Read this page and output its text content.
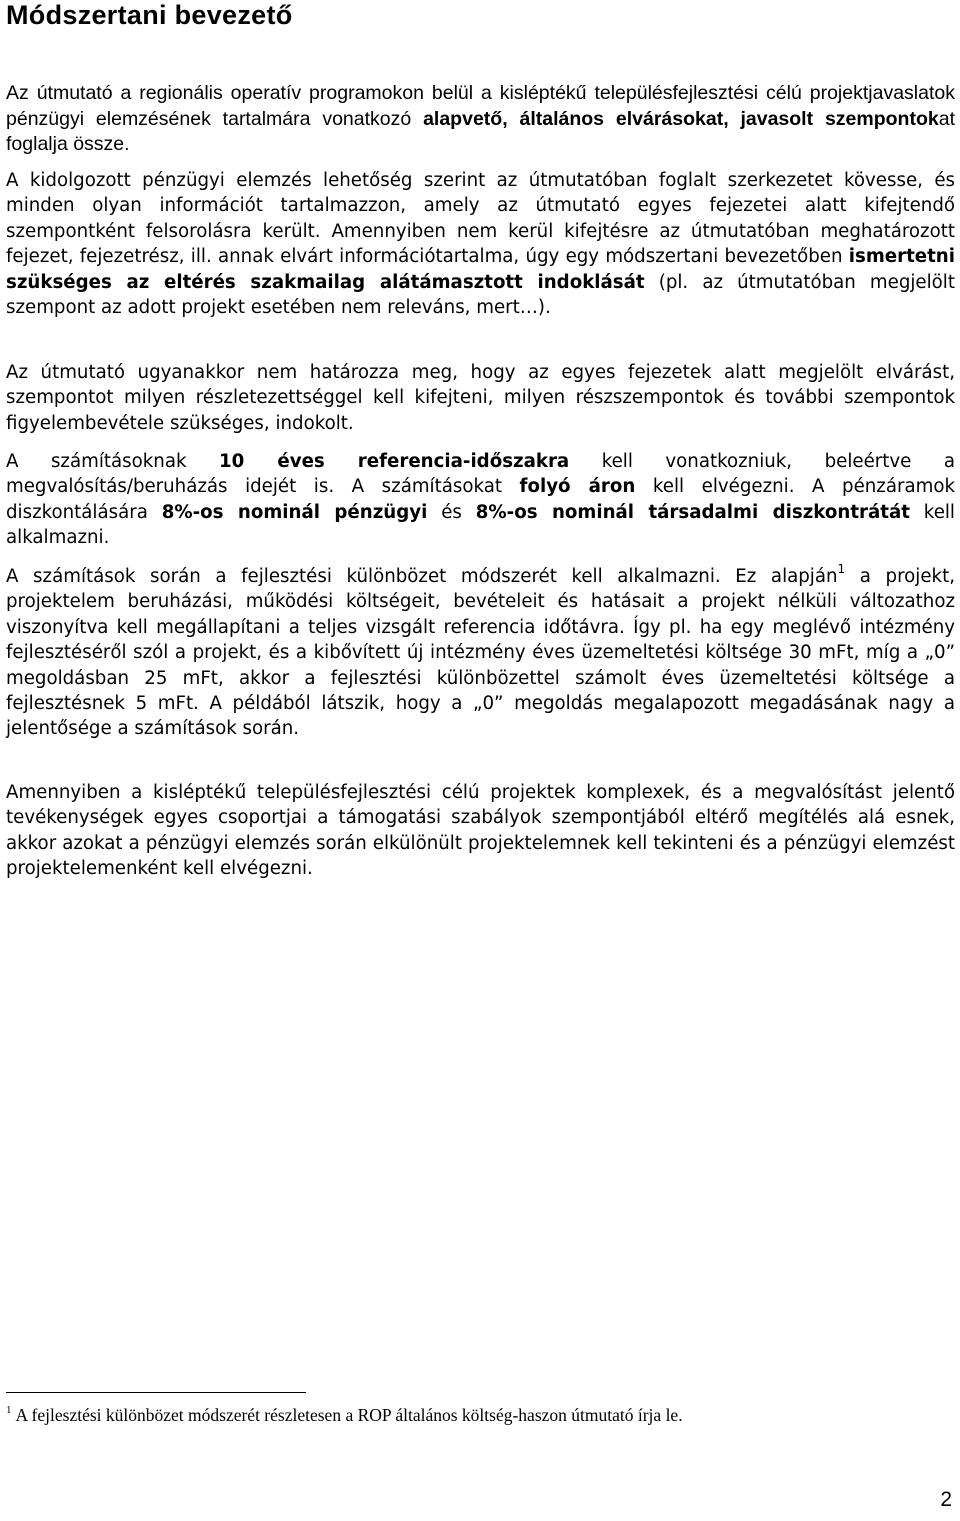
Módszertani bevezető

Az útmutató a regionális operatív programokon belül a kisléptékű településfejlesztési célú projektjavaslatok pénzügyi elemzésének tartalmára vonatkozó alapvető, általános elvárásokat, javasolt szempontokat foglalja össze.

A kidolgozott pénzügyi elemzés lehetőség szerint az útmutatóban foglalt szerkezetet kövesse, és minden olyan információt tartalmazzon, amely az útmutató egyes fejezetei alatt kifejtendő szempontként felsorolásra került. Amennyiben nem kerül kifejtésre az útmutatóban meghatározott fejezet, fejezetrész, ill. annak elvárt információtartalma, úgy egy módszertani bevezetőben ismertetni szükséges az eltérés szakmailag alátámasztott indoklását (pl. az útmutatóban megjelölt szempont az adott projekt esetében nem releváns, mert…).

Az útmutató ugyanakkor nem határozza meg, hogy az egyes fejezetek alatt megjelölt elvárást, szempontot milyen részletezettséggel kell kifejteni, milyen részszempontok és további szempontok figyelembevétele szükséges, indokolt.

A számításoknak 10 éves referencia-időszakra kell vonatkozniuk, beleértve a megvalósítás/beruházás idejét is. A számításokat folyó áron kell elvégezni. A pénzáramok diszkontálására 8%-os nominál pénzügyi és 8%-os nominál társadalmi diszkontrátát kell alkalmazni.

A számítások során a fejlesztési különbözet módszerét kell alkalmazni. Ez alapján$^1$ a projekt, projektelem beruházási, működési költségeit, bevételeit és hatásait a projekt nélküli változathoz viszonyítva kell megállapítani a teljes vizsgált referencia időtávra. Így pl. ha egy meglévő intézmény fejlesztéséről szól a projekt, és a kibővített új intézmény éves üzemeltetési költsége 30 mFt, míg a „0” megoldásban 25 mFt, akkor a fejlesztési különbözettel számolt éves üzemeltetési költsége a fejlesztésnek 5 mFt. A példából látszik, hogy a „0” megoldás megalapozott megadásának nagy a jelentősége a számítások során.

Amennyiben a kisléptékű településfejlesztési célú projektek komplexek, és a megvalósítást jelentő tevékenységek egyes csoportjai a támogatási szabályok szempontjából eltérő megítélés alá esnek, akkor azokat a pénzügyi elemzés során elkülönült projektelemnek kell tekinteni és a pénzügyi elemzést projektelemenként kell elvégezni.

$^1$ A fejlesztési különbözet módszerét részletesen a ROP általános költség-haszon útmutató írja le.

2
